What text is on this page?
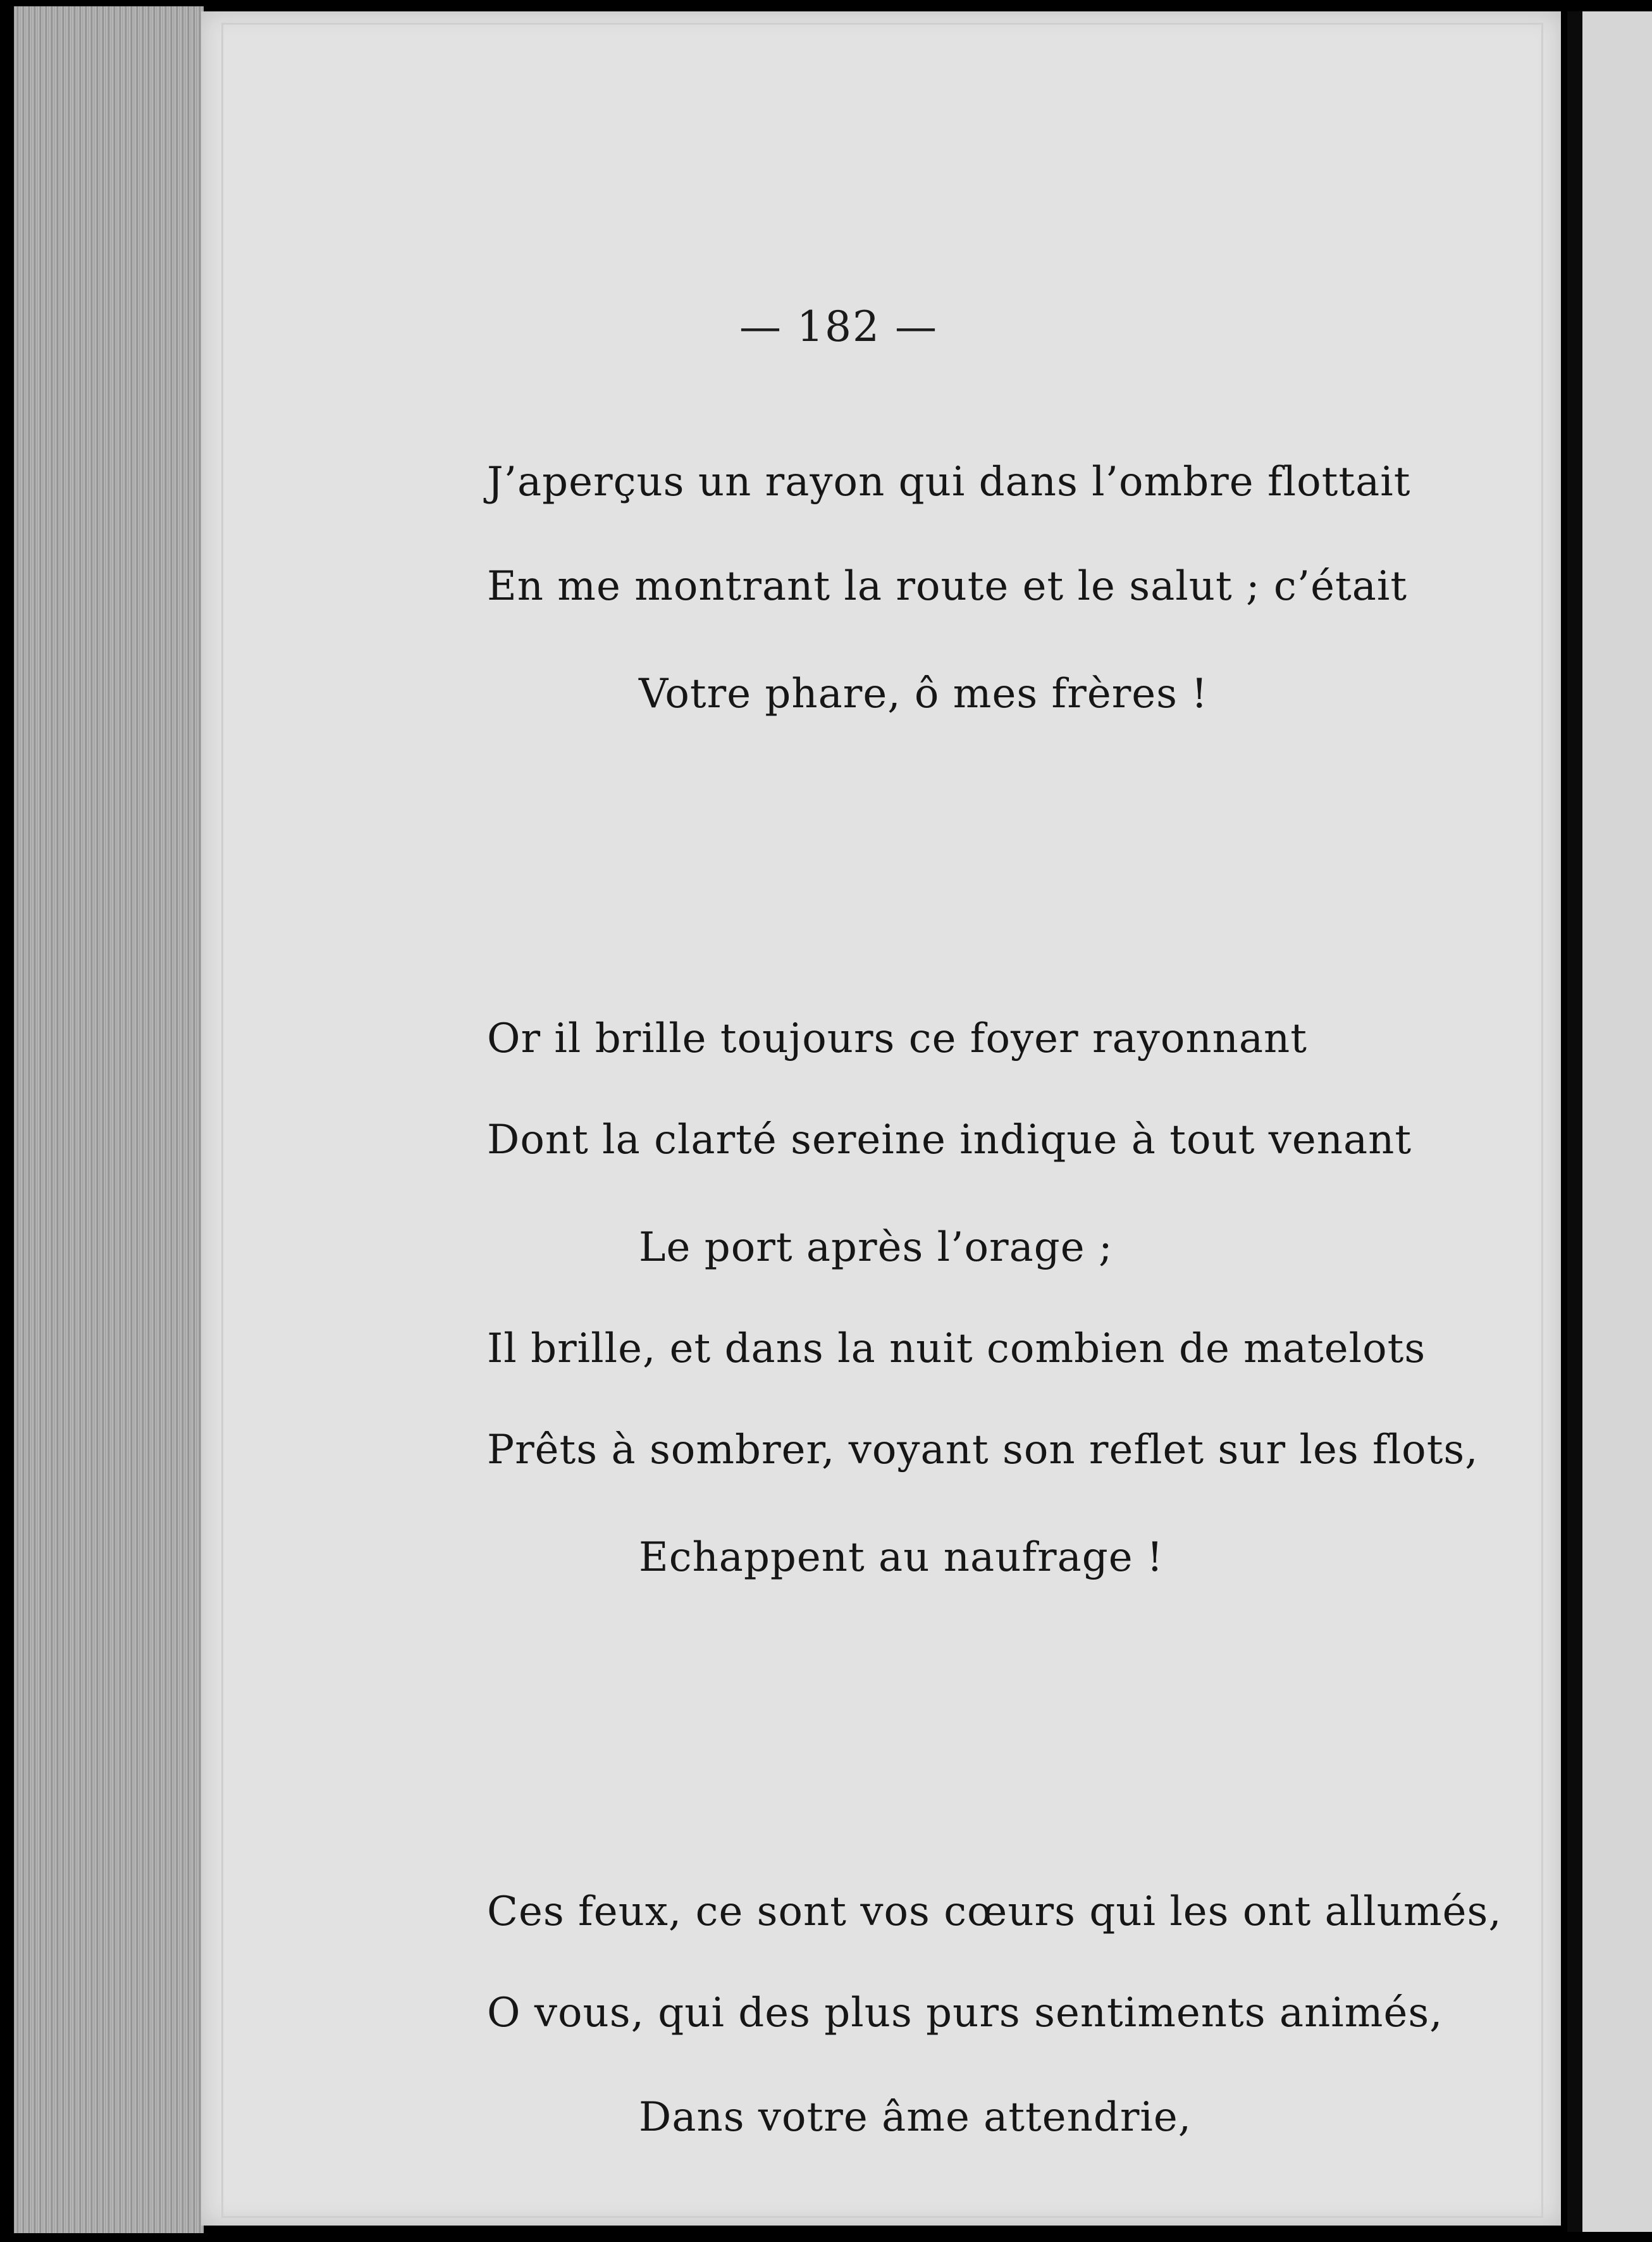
— 182 —
J’aperçus un rayon qui dans l’ombre flottait
En me montrant la route et le salut ; c’était
Votre phare, ô mes frères !
Or il brille toujours ce foyer rayonnant
Dont la clarté sereine indique à tout venant
Le port après l’orage ;
Il brille, et dans la nuit combien de matelots
Prêts à sombrer, voyant son reflet sur les flots,
Echappent au naufrage !
Ces feux, ce sont vos cœurs qui les ont allumés,
O vous, qui des plus purs sentiments animés,
Dans votre âme attendrie,
